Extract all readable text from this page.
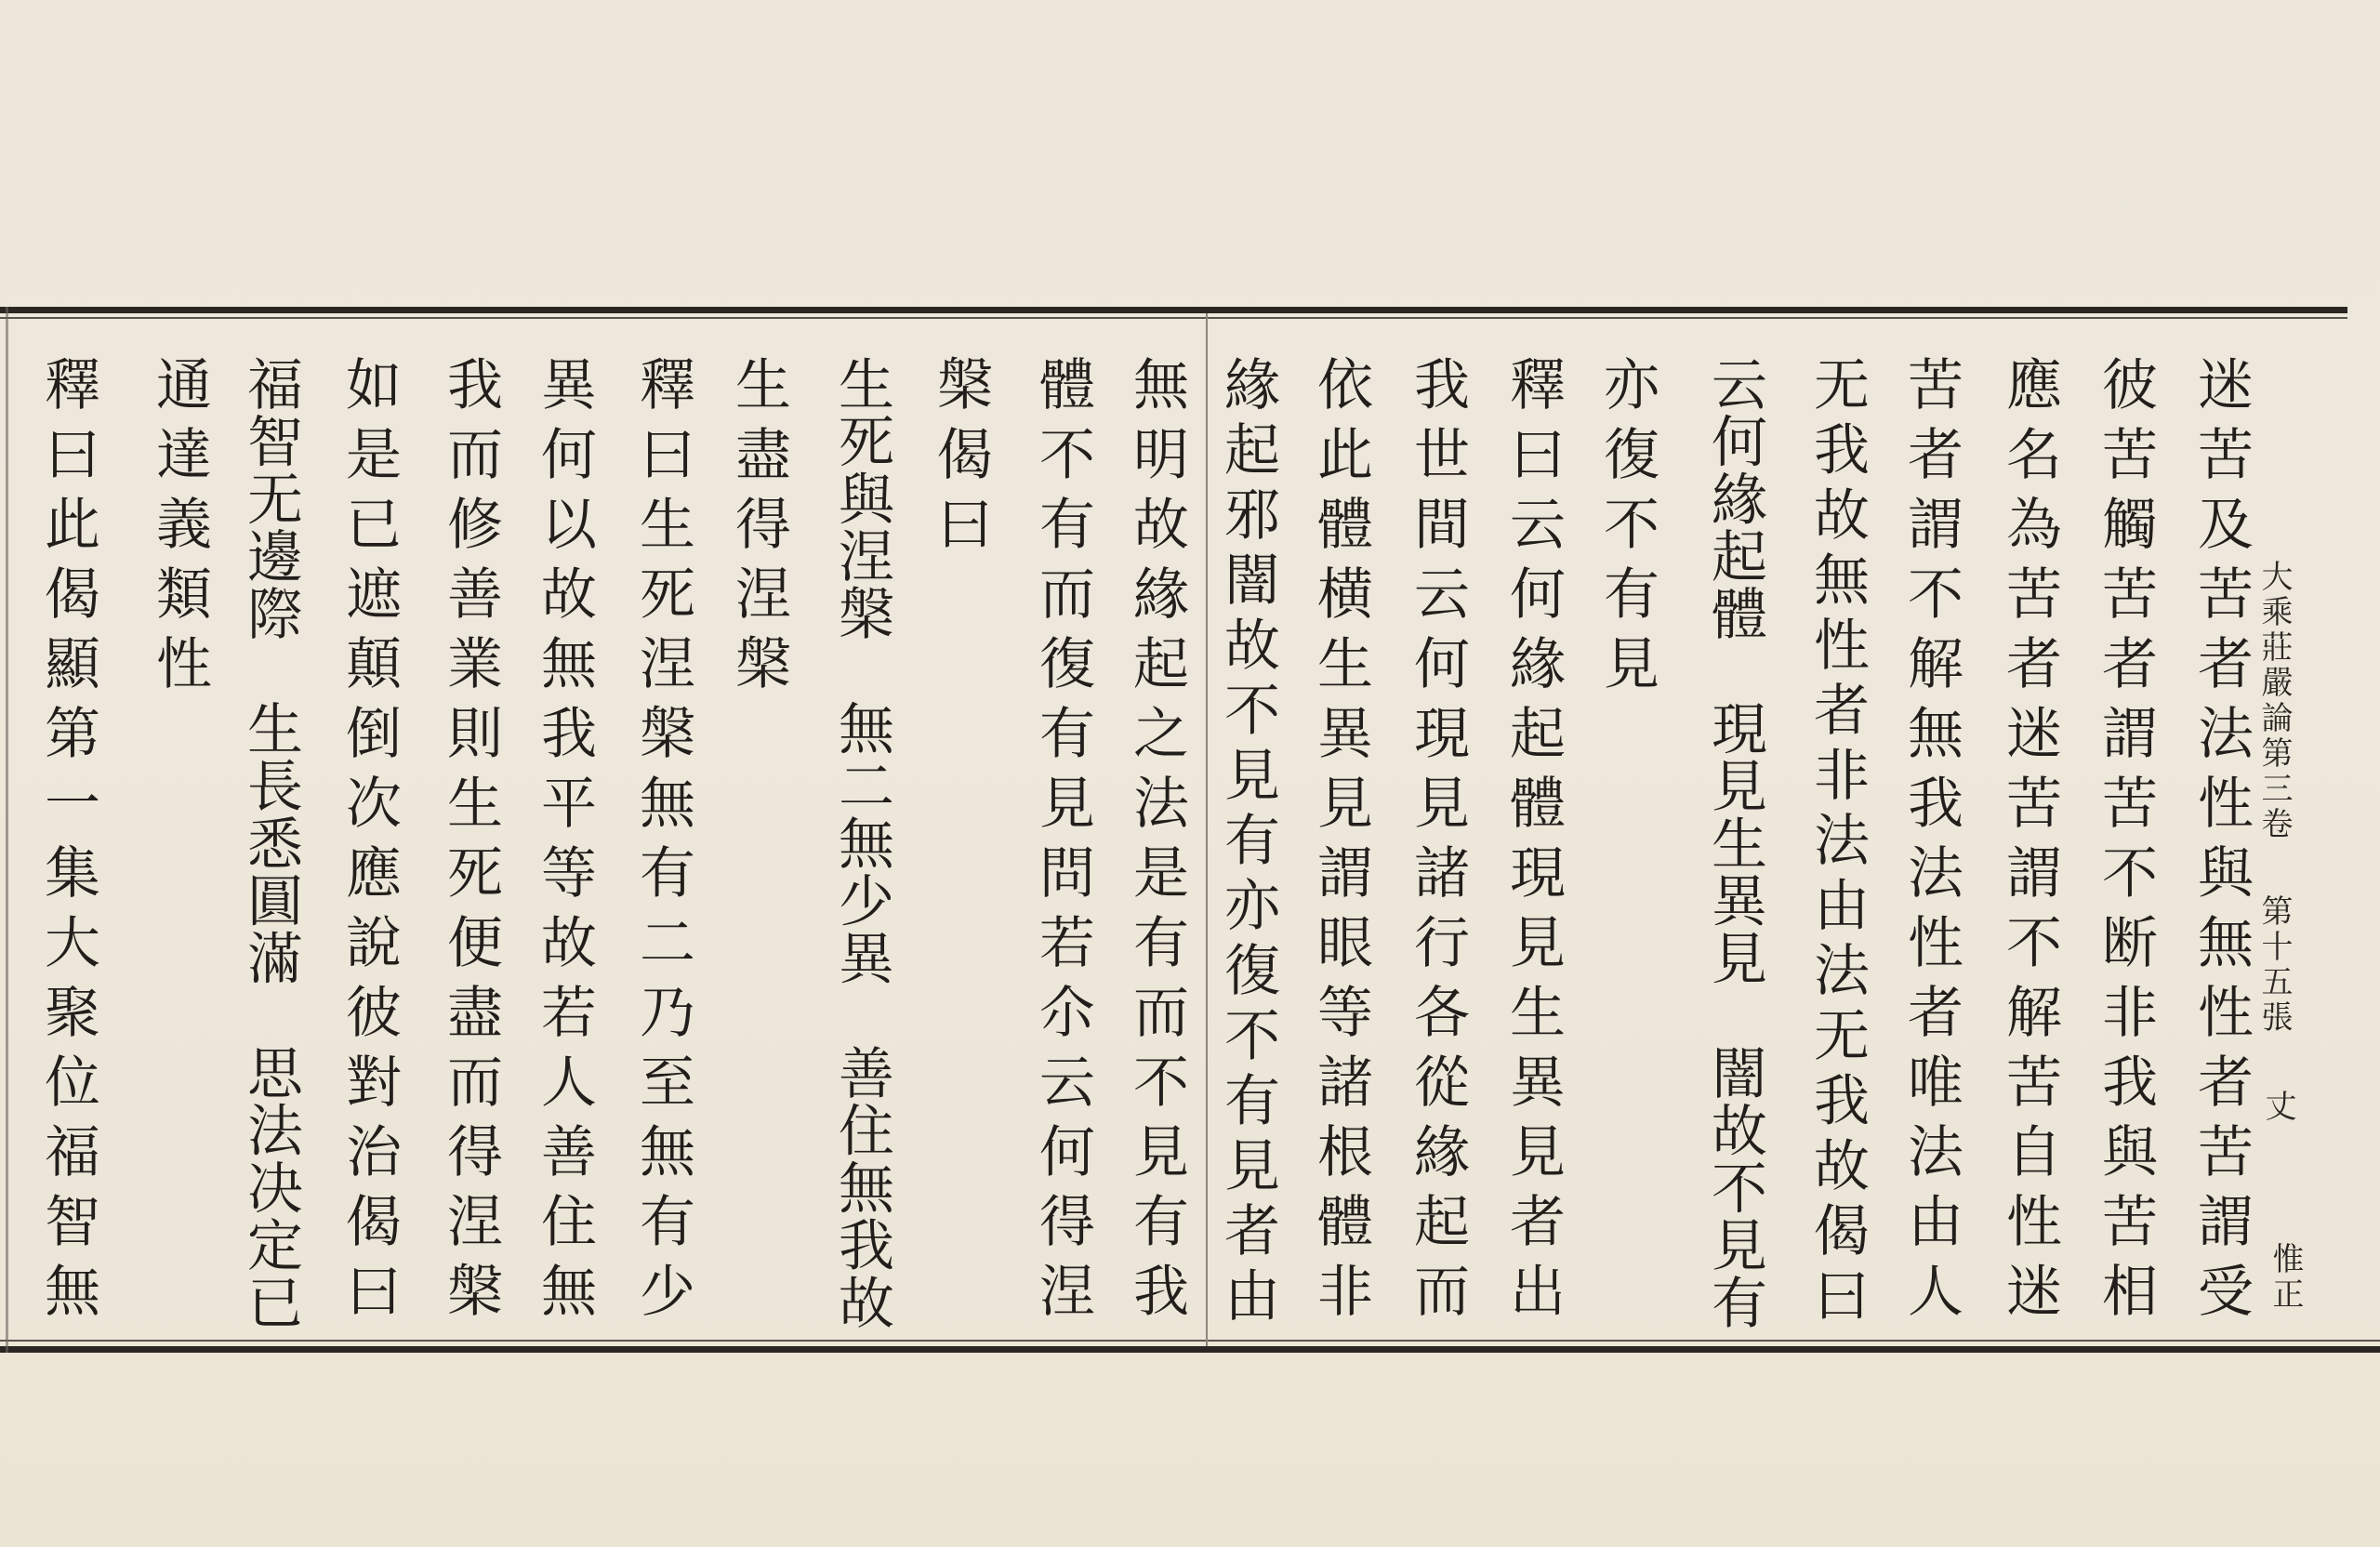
大乘莊嚴論第三卷
第十五張
丈
惟正
迷苦及苦者法性與無性者苦謂受
彼苦觸苦者謂苦不断非我與苦相
應名為苦者迷苦謂不解苦自性迷
苦者謂不解無我法性者唯法由人
无我故無性者非法由法无我故偈曰
云何緣起體　現見生異見　闇故不見有
亦復不有見
釋曰云何緣起體現見生異見者出
我世間云何現見諸行各從緣起而
依此體横生異見謂眼等諸根體非
緣起邪闇故不見有亦復不有見者由
無明故緣起之法是有而不見有我
體不有而復有見問若尒云何得涅
槃偈曰
生死與涅槃　無二無少異　善住無我故
生盡得涅槃
釋曰生死涅槃無有二乃至無有少
異何以故無我平等故若人善住無
我而修善業則生死便盡而得涅槃
如是已遮顛倒次應說彼對治偈曰
福智无邊際　生長悉圓滿　思法决定已
通達義類性
釋曰此偈顯第一集大聚位福智無
